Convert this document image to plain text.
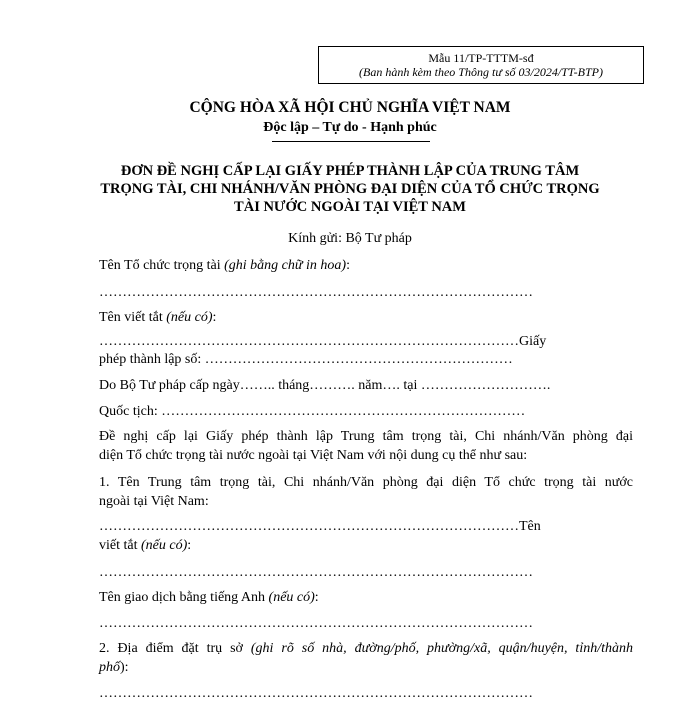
Mẫu 11/TP-TTTM-sđ
(Ban hành kèm theo Thông tư số 03/2024/TT-BTP)
CỘNG HÒA XÃ HỘI CHỦ NGHĨA VIỆT NAM
Độc lập – Tự do - Hạnh phúc
ĐƠN ĐỀ NGHỊ CẤP LẠI GIẤY PHÉP THÀNH LẬP CỦA TRUNG TÂM
TRỌNG TÀI, CHI NHÁNH/VĂN PHÒNG ĐẠI DIỆN CỦA TỔ CHỨC TRỌNG
TÀI NƯỚC NGOÀI TẠI VIỆT NAM
Kính gửi: Bộ Tư pháp
Tên Tổ chức trọng tài (ghi bằng chữ in hoa):
…………………………………………………………………………………
Tên viết tắt (nếu có):
………………………………………………………………………………Giấy
phép thành lập số: …………………………………………………………
Do Bộ Tư pháp cấp ngày…….. tháng………. năm…. tại ……………………….
Quốc tịch: ……………………………………………………………………
Đề nghị cấp lại Giấy phép thành lập Trung tâm trọng tài, Chi nhánh/Văn phòng đại
diện Tổ chức trọng tài nước ngoài tại Việt Nam với nội dung cụ thể như sau:
1. Tên Trung tâm trọng tài, Chi nhánh/Văn phòng đại diện Tổ chức trọng tài nước
ngoài tại Việt Nam:
………………………………………………………………………………Tên
viết tắt (nếu có):
…………………………………………………………………………………
Tên giao dịch bằng tiếng Anh (nếu có):
…………………………………………………………………………………
2. Địa điểm đặt trụ sở (ghi rõ số nhà, đường/phố, phường/xã, quận/huyện, tỉnh/thành
phố):
…………………………………………………………………………………
